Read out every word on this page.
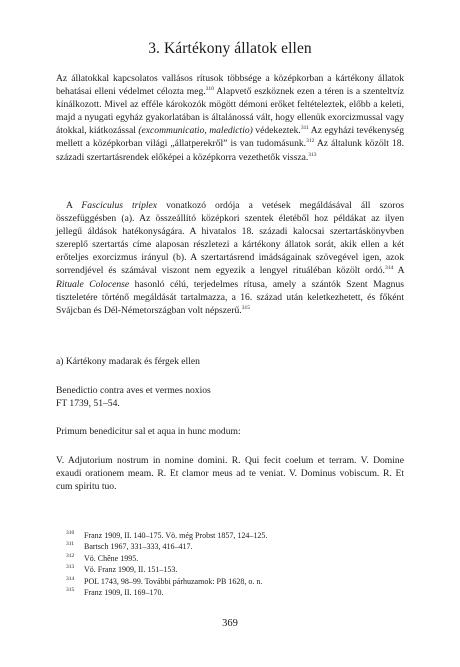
3. Kártékony állatok ellen
Az állatokkal kapcsolatos vallásos rítusok többsége a középkorban a kártékony állatok behatásai elleni védelmet célozta meg.$^{310}$ Alapvető eszköznek ezen a téren is a szenteltvíz kínálkozott. Mivel az efféle károkozók mögött démoni erőket feltételeztek, előbb a keleti, majd a nyugati egyház gyakorlatában is általánossá vált, hogy ellenük exorcizmussal vagy átokkal, kiátkozással (excommunicatio, maledictio) védekeztek.$^{311}$ Az egyházi tevékenység mellett a középkorban világi „állatperekről” is van tudomásunk.$^{312}$ Az általunk közölt 18. századi szertartásrendek előképei a középkorra vezethetők vissza.$^{313}$
A Fasciculus triplex vonatkozó ordója a vetések megáldásával áll szoros összefüggésben (a). Az összeállító középkori szentek életéből hoz példákat az ilyen jellegű áldások hatékonyságára. A hivatalos 18. századi kalocsai szertartáskönyvben szereplő szertartás címe alaposan részletezi a kártékony állatok sorát, akik ellen a két erőteljes exorcizmus irányul (b). A szertartásrend imádságainak szövegével igen, azok sorrendjével és számával viszont nem egyezik a lengyel rituáléban közölt ordó.$^{314}$ A Rituale Colocense hasonló célú, terjedelmes rítusa, amely a szántók Szent Magnus tiszteletére történő megáldását tartalmazza, a 16. század után keletkezhetett, és főként Svájcban és Dél-Németországban volt népszerű.$^{315}$
a) Kártékony madarak és férgek ellen
Benedictio contra aves et vermes noxios
FT 1739, 51–54.
Primum benedicitur sal et aqua in hunc modum:
V. Adjutorium nostrum in nomine domini. R. Qui fecit coelum et terram. V. Domine exaudi orationem meam. R. Et clamor meus ad te veniat. V. Dominus vobiscum. R. Et cum spiritu tuo.
310 Franz 1909, II. 140–175. Vö. még Probst 1857, 124–125.
311 Bartsch 1967, 331–333, 416–417.
312 Vö. Chêne 1995.
313 Vö. Franz 1909, II. 151–153.
314 POL 1743, 98–99. További párhuzamok: PB 1628, o. n.
315 Franz 1909, II. 169–170.
369
